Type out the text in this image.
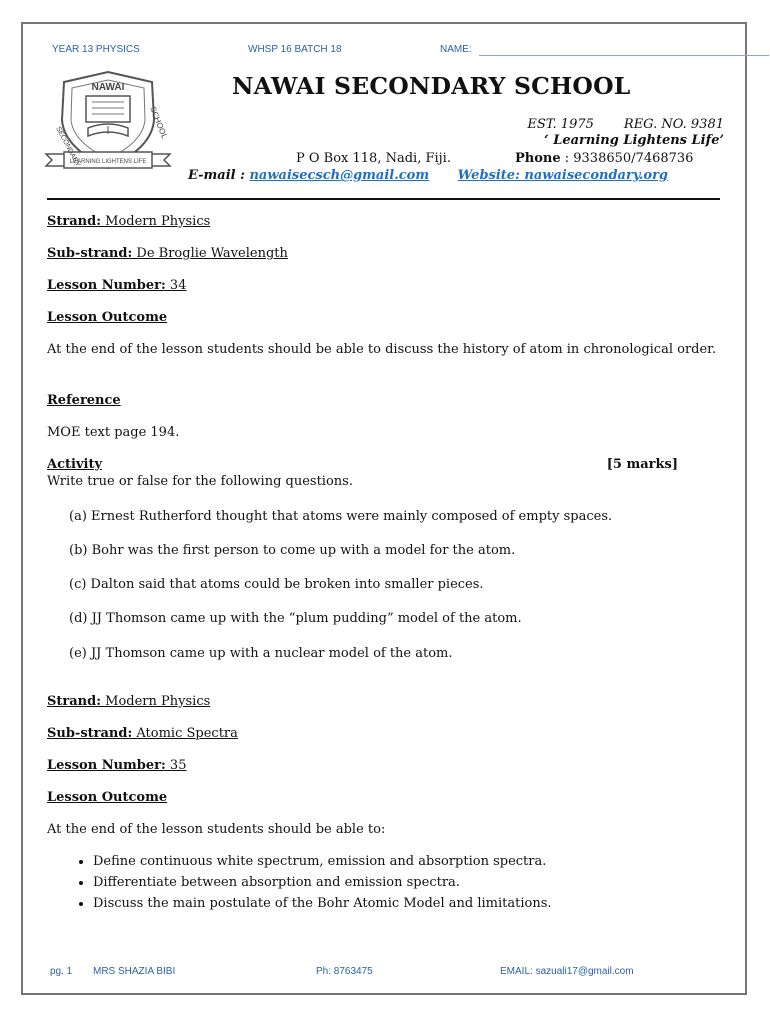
YEAR 13 PHYSICS	WHSP 16 BATCH 18	NAME:
NAWAI
SECONDARY
SCHOOL
LEARNING LIGHTENS LIFE
NAWAI SECONDARY SCHOOL
EST. 1975 REG. NO. 9381
‘ Learning Lightens Life’
P O Box 118, Nadi, Fiji.	Phone : 9338650/7468736
E-mail : nawaisecsch@gmail.com Website: nawaisecondary.org
Strand: Modern Physics
Sub-strand: De Broglie Wavelength
Lesson Number: 34
Lesson Outcome
At the end of the lesson students should be able to discuss the history of atom in chronological order.
Reference
MOE text page 194.
Activity	[5 marks]
Write true or false for the following questions.
(a) Ernest Rutherford thought that atoms were mainly composed of empty spaces.
(b) Bohr was the first person to come up with a model for the atom.
(c) Dalton said that atoms could be broken into smaller pieces.
(d) JJ Thomson came up with the “plum pudding” model of the atom.
(e) JJ Thomson came up with a nuclear model of the atom.
Strand: Modern Physics
Sub-strand: Atomic Spectra
Lesson Number: 35
Lesson Outcome
At the end of the lesson students should be able to:
• Define continuous white spectrum, emission and absorption spectra.
• Differentiate between absorption and emission spectra.
• Discuss the main postulate of the Bohr Atomic Model and limitations.
pg. 1 MRS SHAZIA BIBI	Ph: 8763475	EMAIL: sazuali17@gmail.com
